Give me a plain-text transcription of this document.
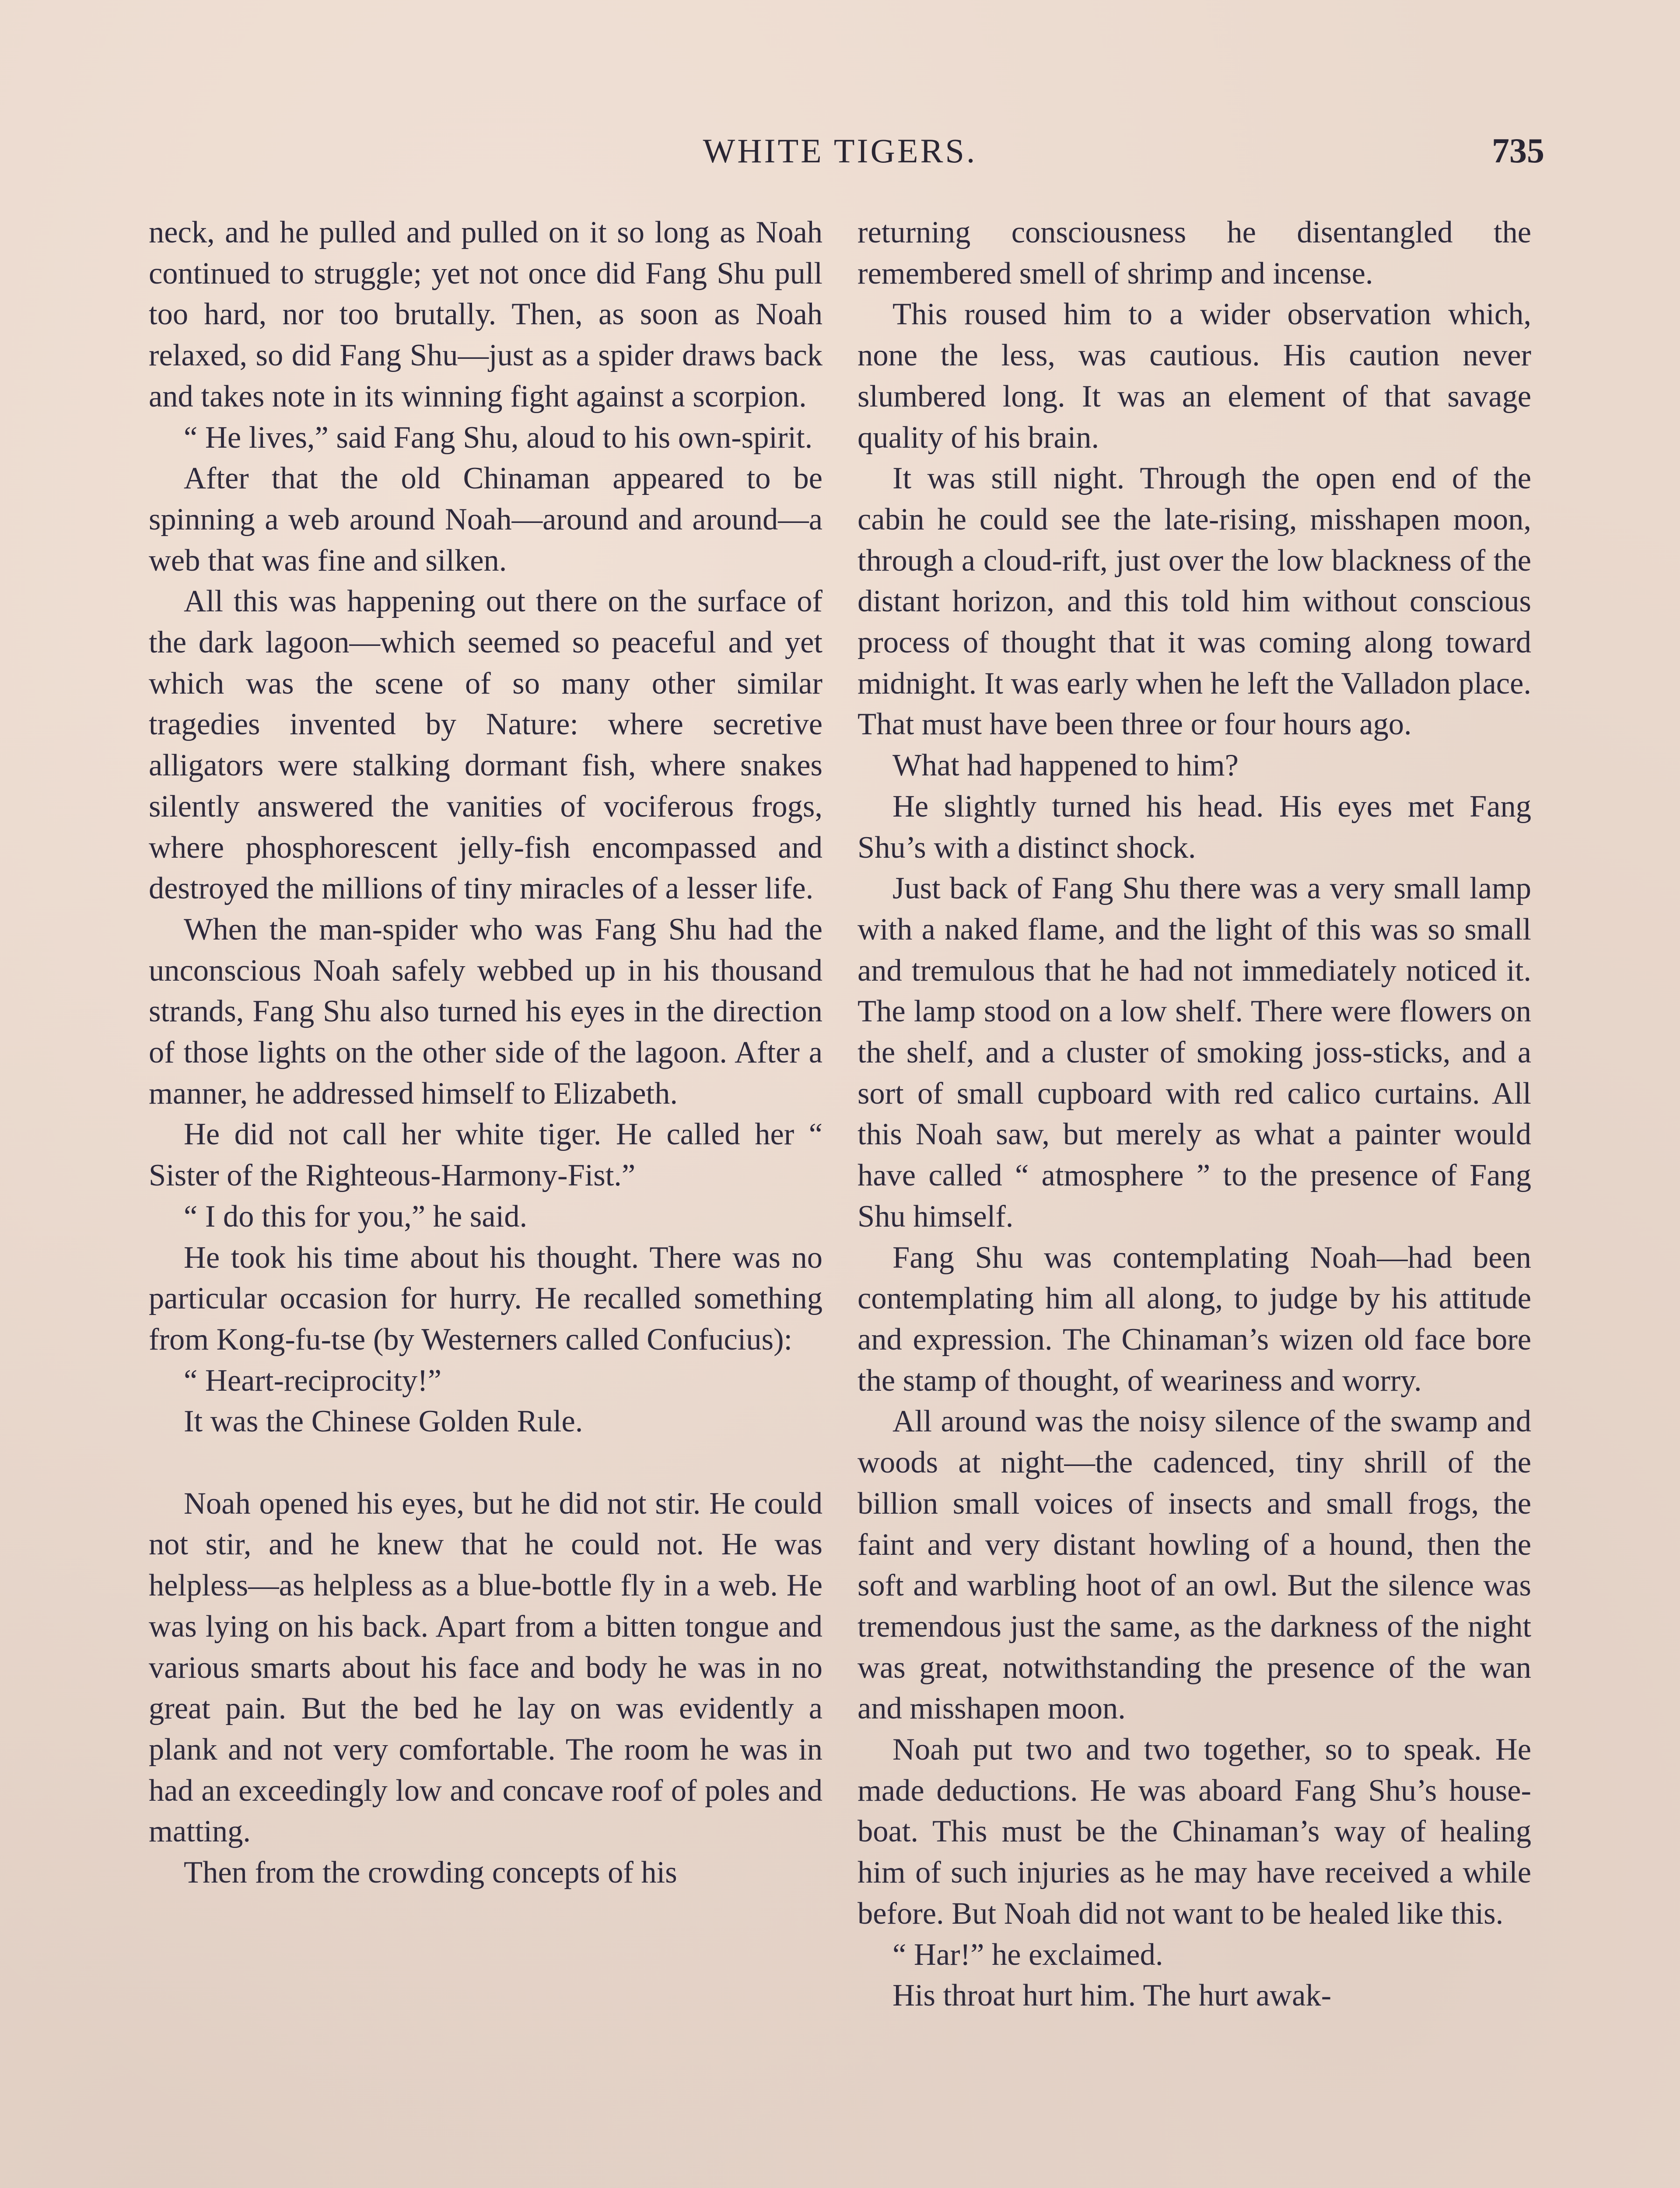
WHITE TIGERS.	735

neck, and he pulled and pulled on it so long as Noah continued to struggle; yet not once did Fang Shu pull too hard, nor too brutally. Then, as soon as Noah relaxed, so did Fang Shu—just as a spider draws back and takes note in its winning fight against a scorpion.

“ He lives,” said Fang Shu, aloud to his own-spirit.

After that the old Chinaman appeared to be spinning a web around Noah—around and around—a web that was fine and silken.

All this was happening out there on the surface of the dark lagoon—which seemed so peaceful and yet which was the scene of so many other similar tragedies invented by Nature: where secretive alligators were stalking dormant fish, where snakes silently answered the vanities of vociferous frogs, where phosphorescent jelly-fish encompassed and destroyed the millions of tiny miracles of a lesser life.

When the man-spider who was Fang Shu had the unconscious Noah safely webbed up in his thousand strands, Fang Shu also turned his eyes in the direction of those lights on the other side of the lagoon. After a manner, he addressed himself to Elizabeth.

He did not call her white tiger. He called her “ Sister of the Righteous-Harmony-Fist.”

“ I do this for you,” he said.

He took his time about his thought. There was no particular occasion for hurry. He recalled something from Kong-fu-tse (by Westerners called Confucius):

“ Heart-reciprocity!”

It was the Chinese Golden Rule.

Noah opened his eyes, but he did not stir. He could not stir, and he knew that he could not. He was helpless—as helpless as a blue-bottle fly in a web. He was lying on his back. Apart from a bitten tongue and various smarts about his face and body he was in no great pain. But the bed he lay on was evidently a plank and not very comfortable. The room he was in had an exceedingly low and concave roof of poles and matting.

Then from the crowding concepts of his

returning consciousness he disentangled the remembered smell of shrimp and incense.

This roused him to a wider observation which, none the less, was cautious. His caution never slumbered long. It was an element of that savage quality of his brain.

It was still night. Through the open end of the cabin he could see the late-rising, misshapen moon, through a cloud-rift, just over the low blackness of the distant horizon, and this told him without conscious process of thought that it was coming along toward midnight. It was early when he left the Valladon place. That must have been three or four hours ago.

What had happened to him?

He slightly turned his head. His eyes met Fang Shu’s with a distinct shock.

Just back of Fang Shu there was a very small lamp with a naked flame, and the light of this was so small and tremulous that he had not immediately noticed it. The lamp stood on a low shelf. There were flowers on the shelf, and a cluster of smoking joss-sticks, and a sort of small cupboard with red calico curtains. All this Noah saw, but merely as what a painter would have called “ atmosphere ” to the presence of Fang Shu himself.

Fang Shu was contemplating Noah—had been contemplating him all along, to judge by his attitude and expression. The Chinaman’s wizen old face bore the stamp of thought, of weariness and worry.

All around was the noisy silence of the swamp and woods at night—the cadenced, tiny shrill of the billion small voices of insects and small frogs, the faint and very distant howling of a hound, then the soft and warbling hoot of an owl. But the silence was tremendous just the same, as the darkness of the night was great, notwithstanding the presence of the wan and misshapen moon.

Noah put two and two together, so to speak. He made deductions. He was aboard Fang Shu’s house-boat. This must be the Chinaman’s way of healing him of such injuries as he may have received a while before. But Noah did not want to be healed like this.

“ Har!” he exclaimed.

His throat hurt him. The hurt awak-
